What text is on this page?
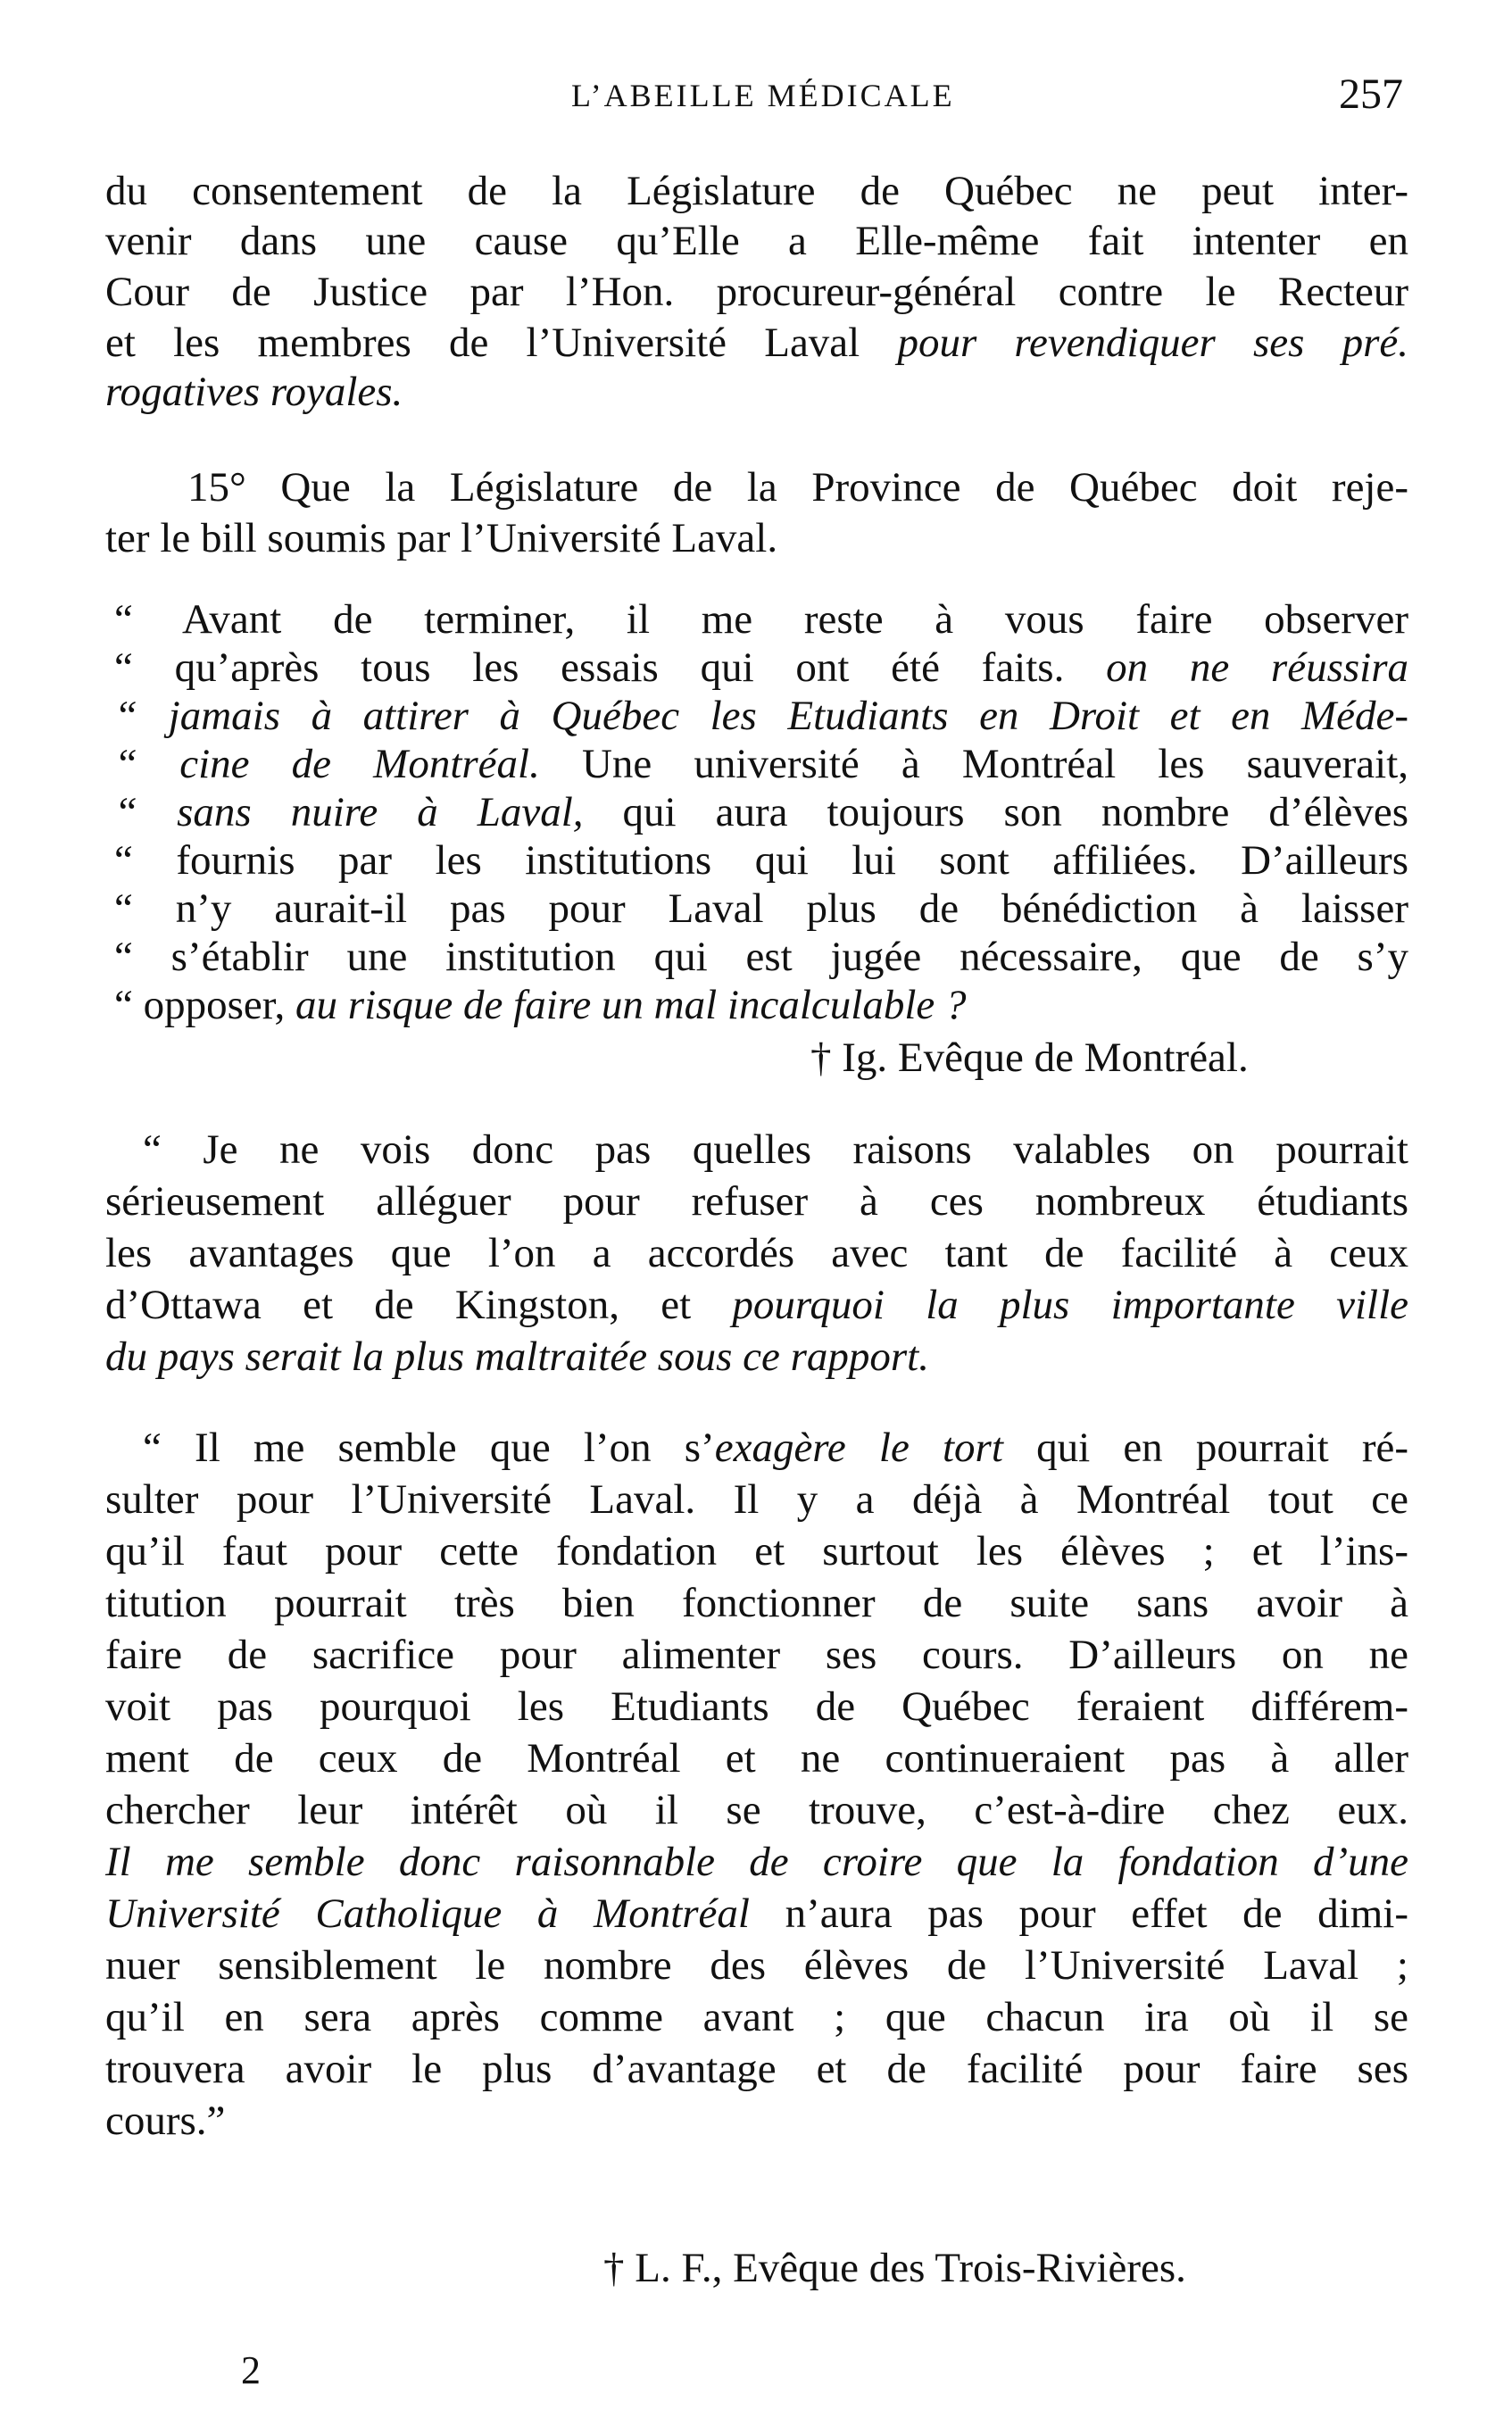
L’ABEILLE MÉDICALE	257
du consentement de la Législature de Québec ne peut inter-
venir dans une cause qu’Elle a Elle-même fait intenter en
Cour de Justice par l’Hon. procureur-général contre le Recteur
et les membres de l’Université Laval pour revendiquer ses pré.
rogatives royales.
15° Que la Législature de la Province de Québec doit reje-
ter le bill soumis par l’Université Laval.
“ Avant de terminer, il me reste à vous faire observer
“ qu’après tous les essais qui ont été faits. on ne réussira
“ jamais à attirer à Québec les Etudiants en Droit et en Méde-
“ cine de Montréal. Une université à Montréal les sauverait,
“ sans nuire à Laval, qui aura toujours son nombre d’élèves
“ fournis par les institutions qui lui sont affiliées. D’ailleurs
“ n’y aurait-il pas pour Laval plus de bénédiction à laisser
“ s’établir une institution qui est jugée nécessaire, que de s’y
“ opposer, au risque de faire un mal incalculable ?
† Ig. Evêque de Montréal.
“ Je ne vois donc pas quelles raisons valables on pourrait
sérieusement alléguer pour refuser à ces nombreux étudiants
les avantages que l’on a accordés avec tant de facilité à ceux
d’Ottawa et de Kingston, et pourquoi la plus importante ville
du pays serait la plus maltraitée sous ce rapport.
“ Il me semble que l’on s’exagère le tort qui en pourrait ré-
sulter pour l’Université Laval. Il y a déjà à Montréal tout ce
qu’il faut pour cette fondation et surtout les élèves ; et l’ins-
titution pourrait très bien fonctionner de suite sans avoir à
faire de sacrifice pour alimenter ses cours. D’ailleurs on ne
voit pas pourquoi les Etudiants de Québec feraient différem-
ment de ceux de Montréal et ne continueraient pas à aller
chercher leur intérêt où il se trouve, c’est-à-dire chez eux.
Il me semble donc raisonnable de croire que la fondation d’une
Université Catholique à Montréal n’aura pas pour effet de dimi-
nuer sensiblement le nombre des élèves de l’Université Laval ;
qu’il en sera après comme avant ; que chacun ira où il se
trouvera avoir le plus d’avantage et de facilité pour faire ses
cours.”
† L. F., Evêque des Trois-Rivières.
2
